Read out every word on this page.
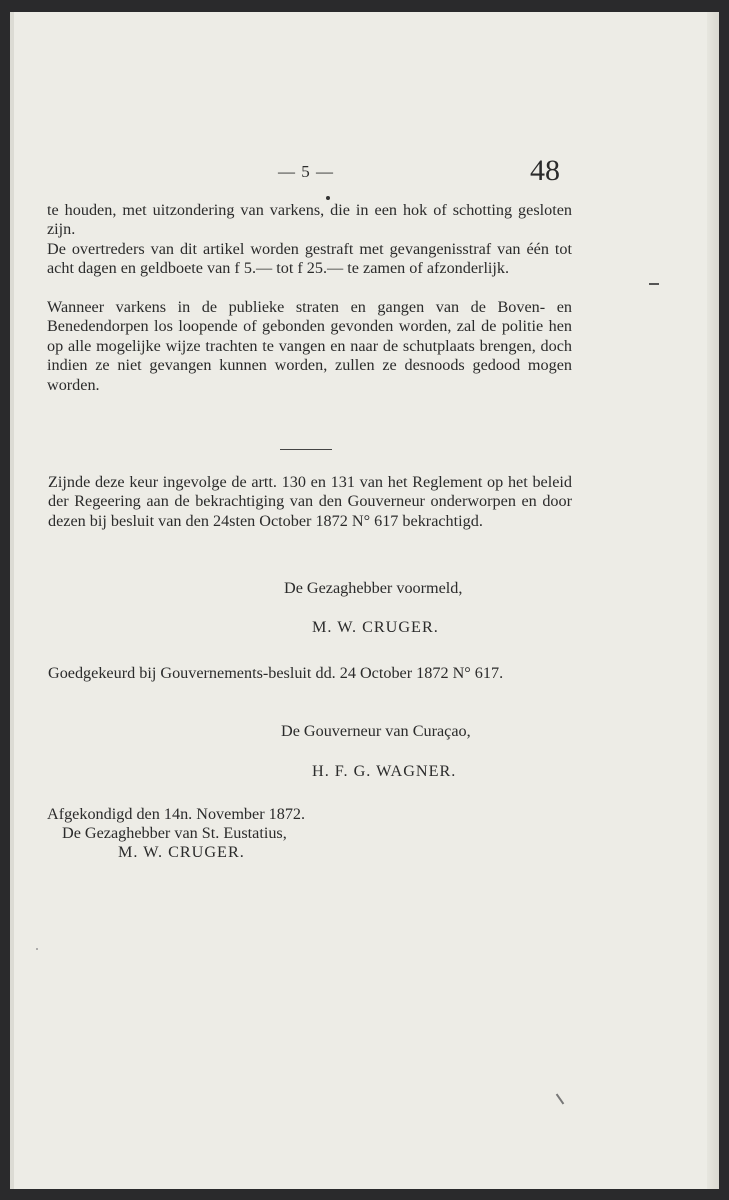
— 5 —	48

te houden, met uitzondering van varkens, die in een hok of schotting gesloten zijn.

De overtreders van dit artikel worden gestraft met gevangenisstraf van één tot acht dagen en geldboete van f 5.— tot f 25.— te zamen of afzonderlijk.

Wanneer varkens in de publieke straten en gangen van de Boven- en Benedendorpen los loopende of gebonden gevonden worden, zal de politie hen op alle mogelijke wijze trachten te vangen en naar de schutplaats brengen, doch indien ze niet gevangen kunnen worden, zullen ze desnoods gedood mogen worden.

Zijnde deze keur ingevolge de artt. 130 en 131 van het Reglement op het beleid der Regeering aan de bekrachtiging van den Gouverneur onderworpen en door dezen bij besluit van den 24sten October 1872 N° 617 bekrachtigd.

De Gezaghebber voormeld,

M. W. CRUGER.

Goedgekeurd bij Gouvernements-besluit dd. 24 October 1872 N° 617.

De Gouverneur van Curaçao,

H. F. G. WAGNER.

Afgekondigd den 14n. November 1872.

De Gezaghebber van St. Eustatius,

M. W. CRUGER.
